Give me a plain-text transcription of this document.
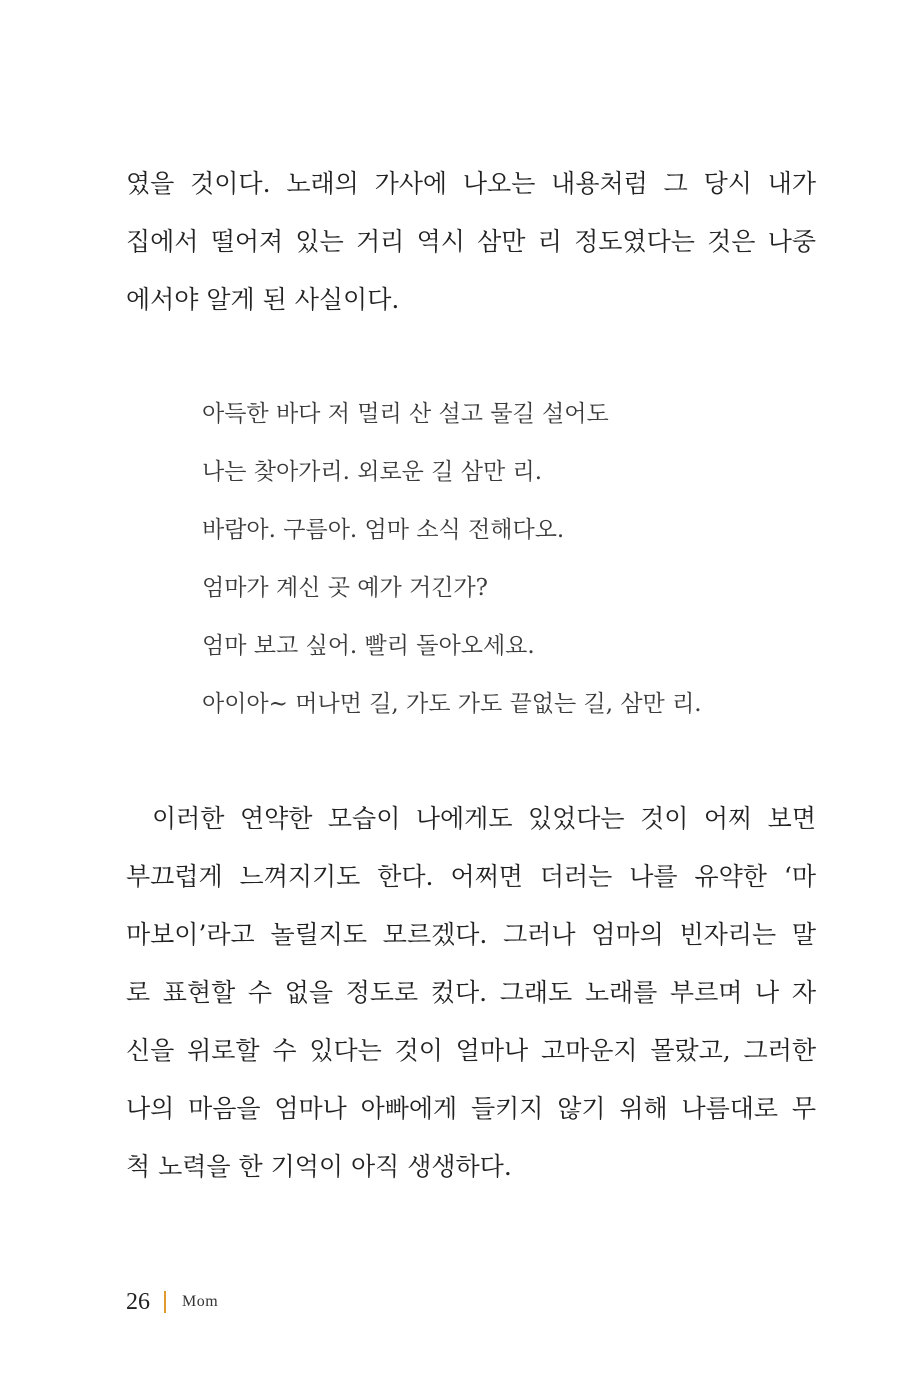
였을 것이다. 노래의 가사에 나오는 내용처럼 그 당시 내가
집에서 떨어져 있는 거리 역시 삼만 리 정도였다는 것은 나중
에서야 알게 된 사실이다.
아득한 바다 저 멀리 산 설고 물길 설어도
나는 찾아가리. 외로운 길 삼만 리.
바람아. 구름아. 엄마 소식 전해다오.
엄마가 계신 곳 예가 거긴가?
엄마 보고 싶어. 빨리 돌아오세요.
아이아~ 머나먼 길, 가도 가도 끝없는 길, 삼만 리.
이러한 연약한 모습이 나에게도 있었다는 것이 어찌 보면
부끄럽게 느껴지기도 한다. 어쩌면 더러는 나를 유약한 ‘마
마보이’라고 놀릴지도 모르겠다. 그러나 엄마의 빈자리는 말
로 표현할 수 없을 정도로 컸다. 그래도 노래를 부르며 나 자
신을 위로할 수 있다는 것이 얼마나 고마운지 몰랐고, 그러한
나의 마음을 엄마나 아빠에게 들키지 않기 위해 나름대로 무
척 노력을 한 기억이 아직 생생하다.
26 Mom
